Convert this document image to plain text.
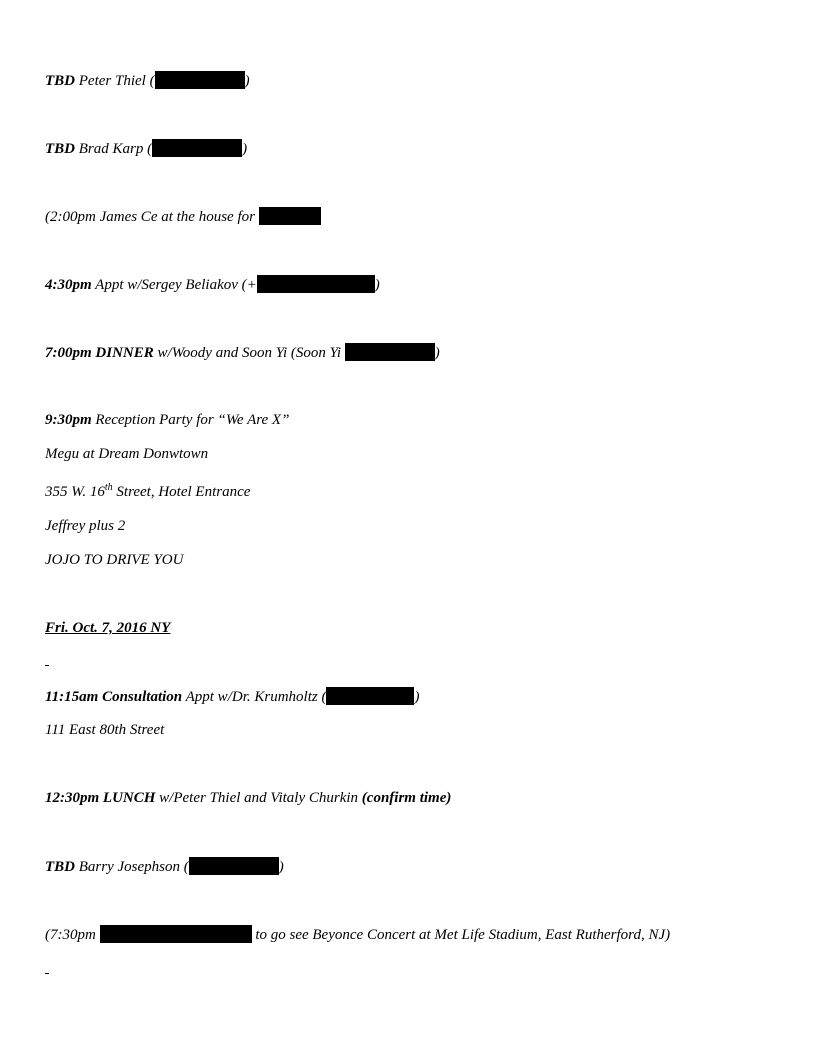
TBD Peter Thiel (	)
TBD Brad Karp (	)
(2:00pm James Ce at the house for
4:30pm Appt w/Sergey Beliakov (+	)
7:00pm DINNER w/Woody and Soon Yi (Soon Yi	)
9:30pm Reception Party for “We Are X”
Megu at Dream Donwtown
355 W. 16th Street, Hotel Entrance
Jeffrey plus 2
JOJO TO DRIVE YOU
Fri. Oct. 7, 2016 NY
11:15am Consultation Appt w/Dr. Krumholtz (	)
111 East 80th Street
12:30pm LUNCH w/Peter Thiel and Vitaly Churkin (confirm time)
TBD Barry Josephson (	)
(7:30pm	to go see Beyonce Concert at Met Life Stadium, East Rutherford, NJ)
